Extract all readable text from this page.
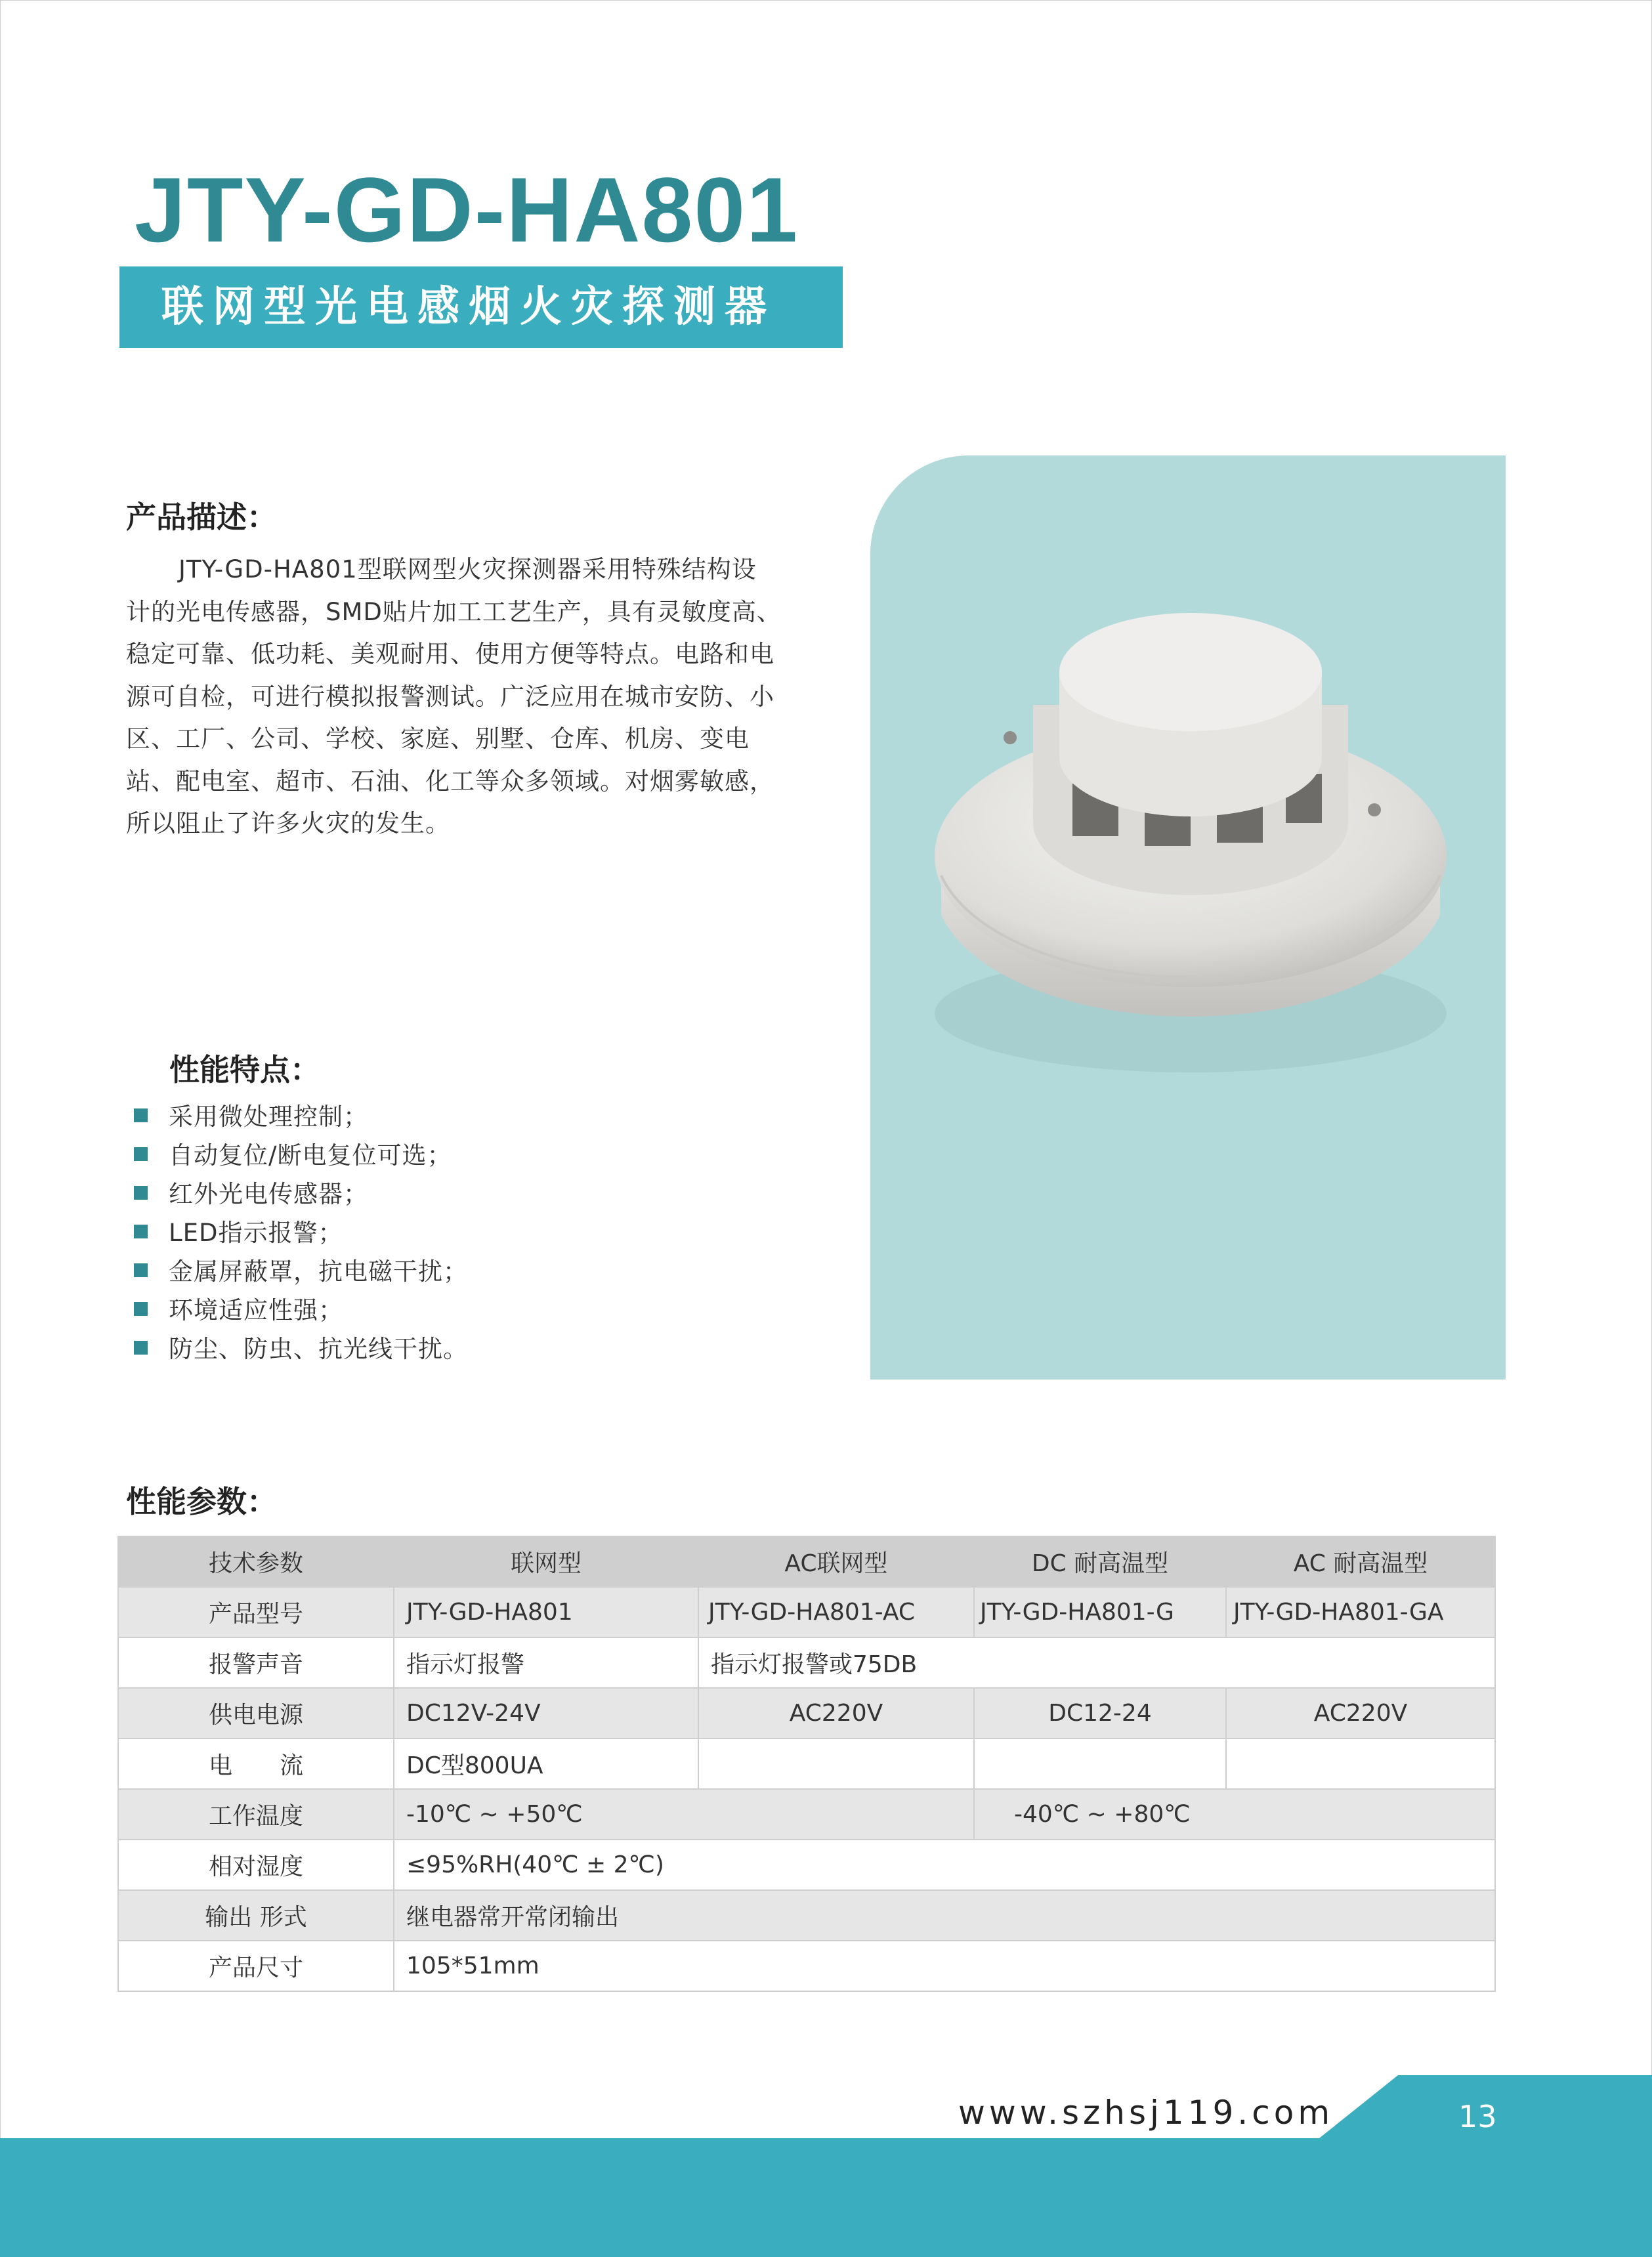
JTY-GD-HA801
联网型光电感烟火灾探测器
产品描述：
JTY-GD-HA801型联网型火灾探测器采用特殊结构设
计的光电传感器，SMD贴片加工工艺生产，具有灵敏度高、
稳定可靠、低功耗、美观耐用、使用方便等特点。电路和电
源可自检，可进行模拟报警测试。广泛应用在城市安防、小
区、工厂、公司、学校、家庭、别墅、仓库、机房、变电
站、配电室、超市、石油、化工等众多领域。对烟雾敏感，
所以阻止了许多火灾的发生。
性能特点：
采用微处理控制；
自动复位/断电复位可选；
红外光电传感器；
LED指示报警；
金属屏蔽罩，抗电磁干扰；
环境适应性强；
防尘、防虫、抗光线干扰。
性能参数：
技术参数	联网型	AC联网型	DC 耐高温型	AC 耐高温型
产品型号	JTY-GD-HA801	JTY-GD-HA801-AC	JTY-GD-HA801-G	JTY-GD-HA801-GA
报警声音	指示灯报警	指示灯报警或75DB		
供电电源	DC12V-24V	AC220V	DC12-24	AC220V
电　　流	DC型800UA			
工作温度	-10℃ ~ +50℃		-40℃ ~ +80℃	
相对湿度	≤95%RH(40℃ ± 2℃)			
输出 形式	继电器常开常闭输出			
产品尺寸	105*51mm			
www.szhsj119.com	13
